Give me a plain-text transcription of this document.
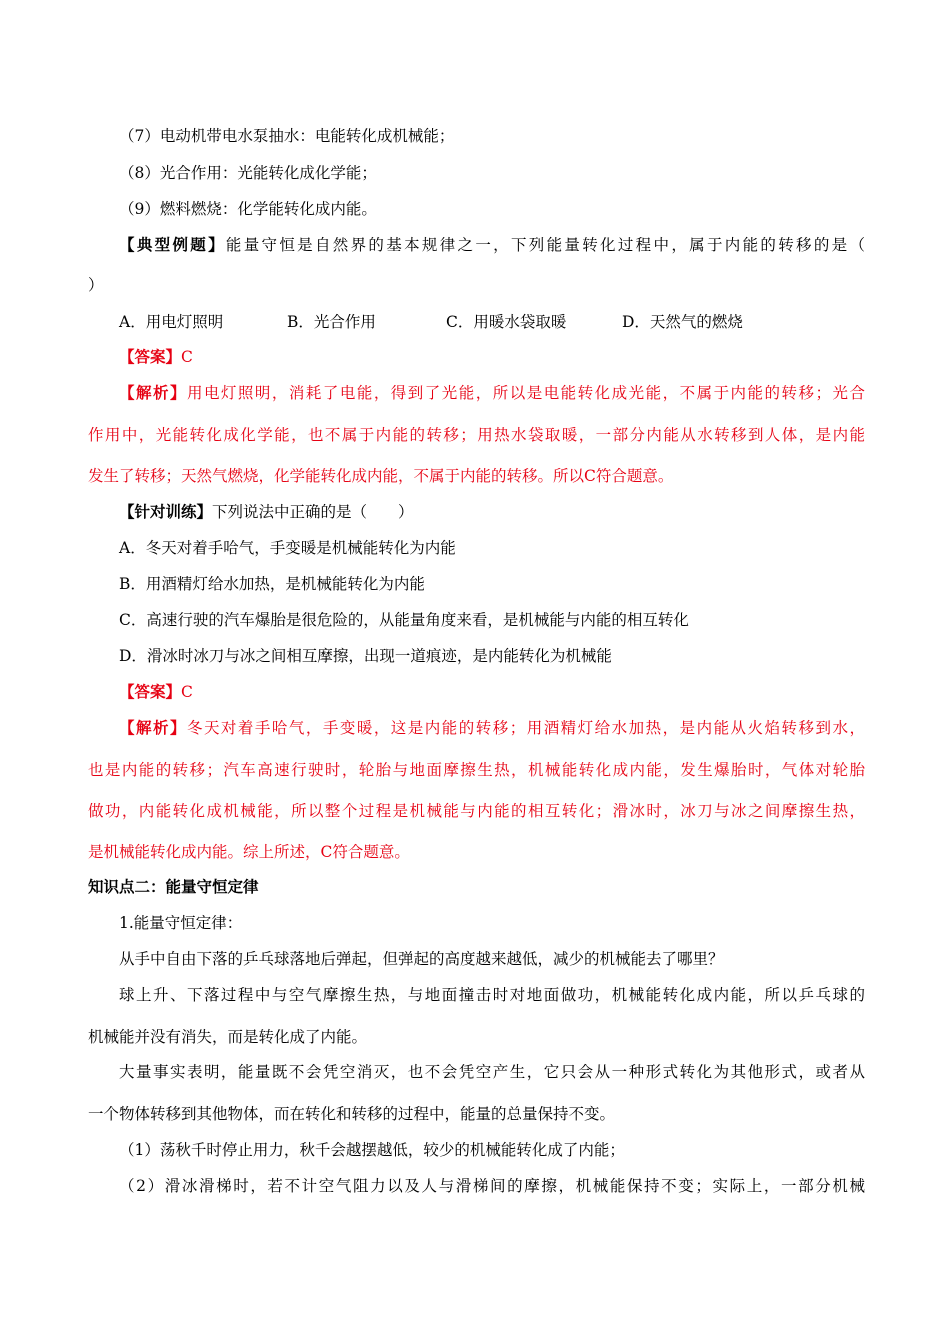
（7）电动机带电水泵抽水：电能转化成机械能；
（8）光合作用：光能转化成化学能；
（9）燃料燃烧：化学能转化成内能。
【典型例题】能量守恒是自然界的基本规律之一，下列能量转化过程中，属于内能的转移的是（
）
A．用电灯照明	B．光合作用	C．用暖水袋取暖	D．天然气的燃烧
【答案】C
【解析】用电灯照明，消耗了电能，得到了光能，所以是电能转化成光能，不属于内能的转移；光合
作用中，光能转化成化学能，也不属于内能的转移；用热水袋取暖，一部分内能从水转移到人体，是内能
发生了转移；天然气燃烧，化学能转化成内能，不属于内能的转移。所以C符合题意。
【针对训练】下列说法中正确的是（　　）
A．冬天对着手哈气，手变暖是机械能转化为内能
B．用酒精灯给水加热，是机械能转化为内能
C．高速行驶的汽车爆胎是很危险的，从能量角度来看，是机械能与内能的相互转化
D．滑冰时冰刀与冰之间相互摩擦，出现一道痕迹，是内能转化为机械能
【答案】C
【解析】冬天对着手哈气，手变暖，这是内能的转移；用酒精灯给水加热，是内能从火焰转移到水，
也是内能的转移；汽车高速行驶时，轮胎与地面摩擦生热，机械能转化成内能，发生爆胎时，气体对轮胎
做功，内能转化成机械能，所以整个过程是机械能与内能的相互转化；滑冰时，冰刀与冰之间摩擦生热，
是机械能转化成内能。综上所述，C符合题意。
知识点二：能量守恒定律
1.能量守恒定律：
从手中自由下落的乒乓球落地后弹起，但弹起的高度越来越低，减少的机械能去了哪里？
球上升、下落过程中与空气摩擦生热，与地面撞击时对地面做功，机械能转化成内能，所以乒乓球的
机械能并没有消失，而是转化成了内能。
大量事实表明，能量既不会凭空消灭，也不会凭空产生，它只会从一种形式转化为其他形式，或者从
一个物体转移到其他物体，而在转化和转移的过程中，能量的总量保持不变。
（1）荡秋千时停止用力，秋千会越摆越低，较少的机械能转化成了内能；
（2）滑冰滑梯时，若不计空气阻力以及人与滑梯间的摩擦，机械能保持不变；实际上，一部分机械
